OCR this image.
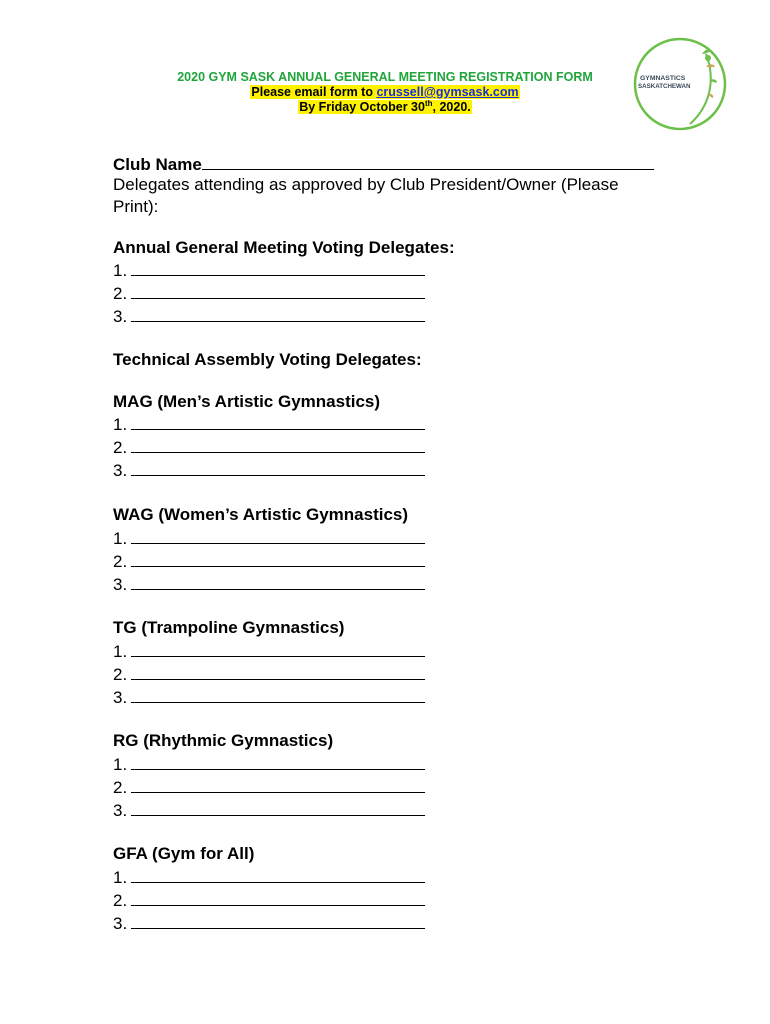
2020 GYM SASK ANNUAL GENERAL MEETING REGISTRATION FORM
Please email form to crussell@gymsask.com
By Friday October 30th, 2020.
GYMNASTICS
SASKATCHEWAN
Club Name
Delegates attending as approved by Club President/Owner (Please
Print):
Annual General Meeting Voting Delegates:
1.
2.
3.
Technical Assembly Voting Delegates:
MAG (Men’s Artistic Gymnastics)
1.
2.
3.
WAG (Women’s Artistic Gymnastics)
1.
2.
3.
TG (Trampoline Gymnastics)
1.
2.
3.
RG (Rhythmic Gymnastics)
1.
2.
3.
GFA (Gym for All)
1.
2.
3.
